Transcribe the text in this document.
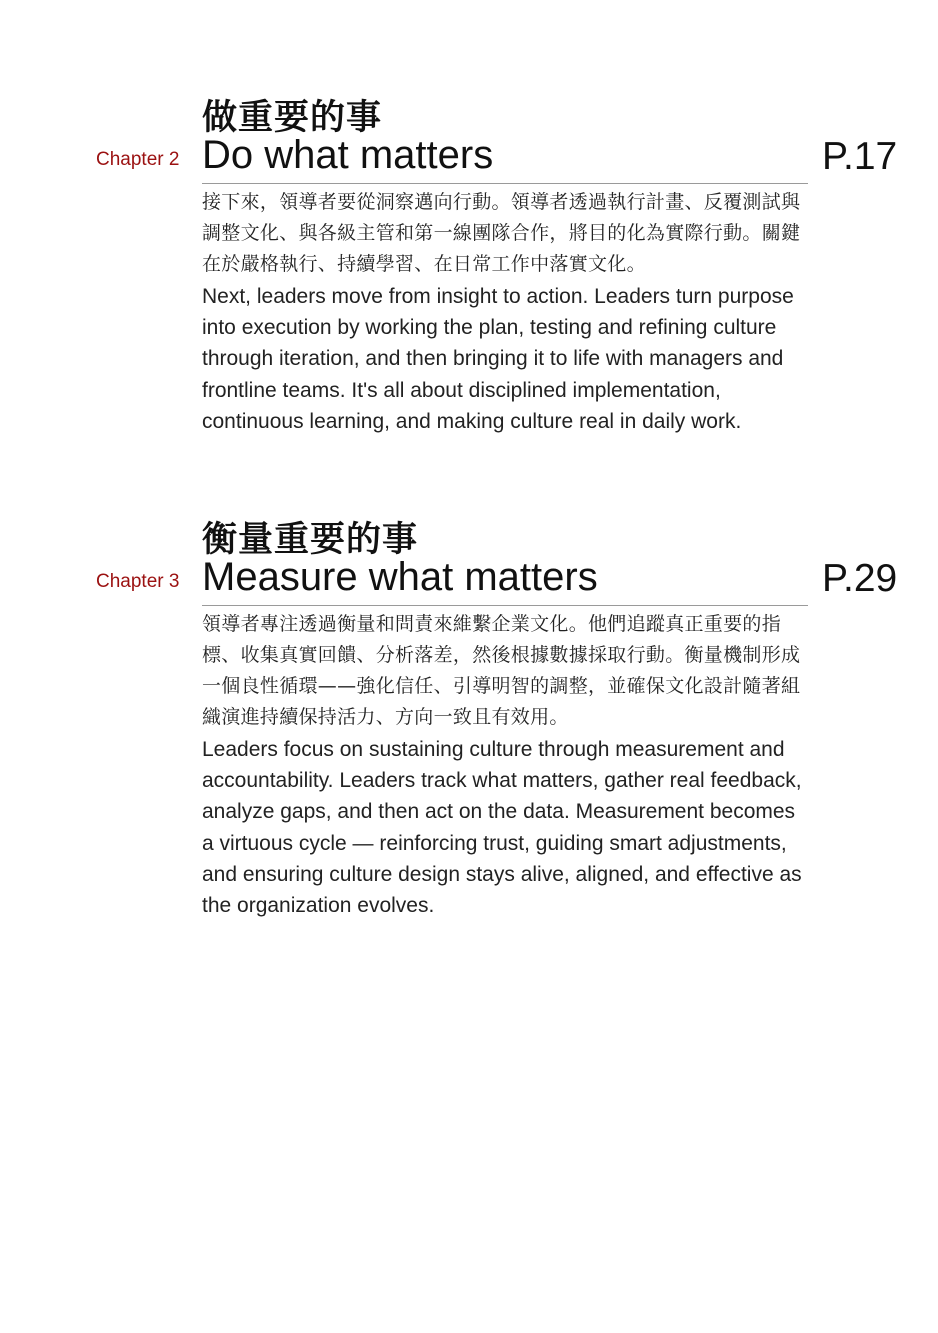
做重要的事
Chapter 2 Do what matters	P.17

接下來，領導者要從洞察邁向行動。領導者透過執行計畫、反覆測試與調整文化、與各級主管和第一線團隊合作，將目的化為實際行動。關鍵在於嚴格執行、持續學習、在日常工作中落實文化。

Next, leaders move from insight to action. Leaders turn purpose into execution by working the plan, testing and refining culture through iteration, and then bringing it to life with managers and frontline teams. It's all about disciplined implementation, continuous learning, and making culture real in daily work.

衡量重要的事
Chapter 3 Measure what matters	P.29

領導者專注透過衡量和問責來維繫企業文化。他們追蹤真正重要的指標、收集真實回饋、分析落差，然後根據數據採取行動。衡量機制形成一個良性循環——強化信任、引導明智的調整，並確保文化設計隨著組織演進持續保持活力、方向一致且有效用。

Leaders focus on sustaining culture through measurement and accountability. Leaders track what matters, gather real feedback, analyze gaps, and then act on the data. Measurement becomes a virtuous cycle — reinforcing trust, guiding smart adjustments, and ensuring culture design stays alive, aligned, and effective as the organization evolves.
